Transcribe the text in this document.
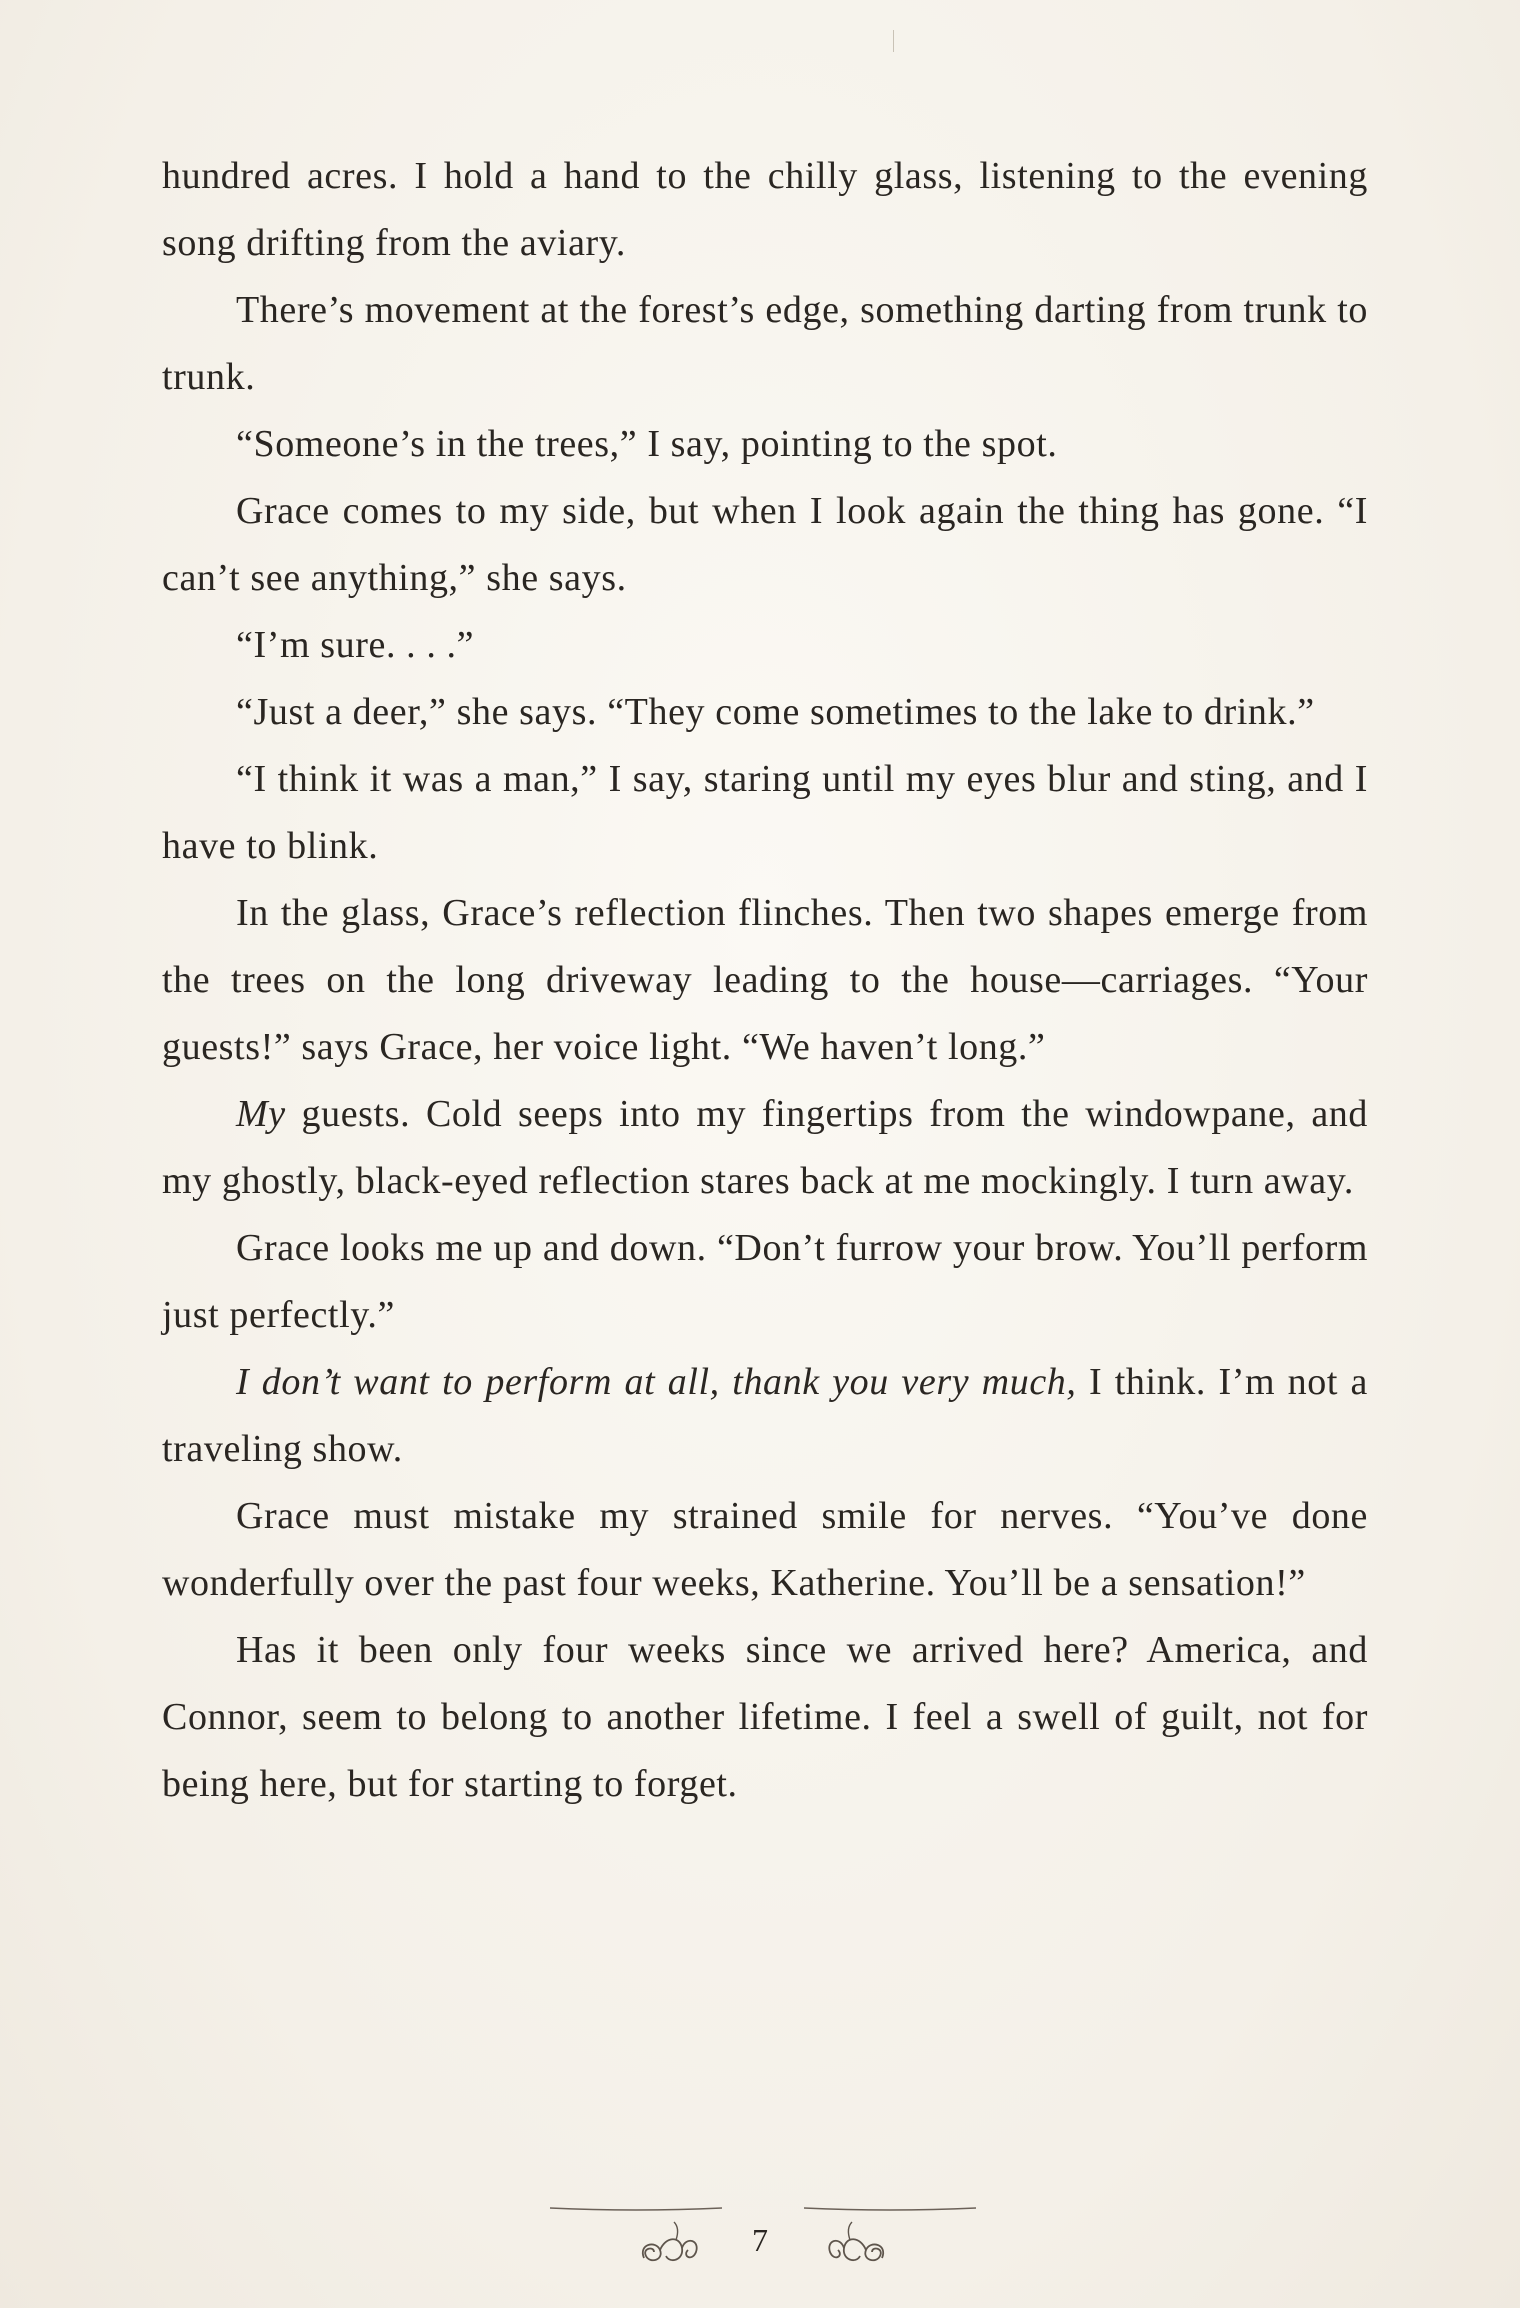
hundred acres. I hold a hand to the chilly glass, listening to the evening song drifting from the aviary.

There’s movement at the forest’s edge, something darting from trunk to trunk.

“Someone’s in the trees,” I say, pointing to the spot.

Grace comes to my side, but when I look again the thing has gone. “I can’t see anything,” she says.

“I’m sure. . . .”

“Just a deer,” she says. “They come sometimes to the lake to drink.”

“I think it was a man,” I say, staring until my eyes blur and sting, and I have to blink.

In the glass, Grace’s reflection flinches. Then two shapes emerge from the trees on the long driveway leading to the house—carriages. “Your guests!” says Grace, her voice light. “We haven’t long.”

My guests. Cold seeps into my fingertips from the windowpane, and my ghostly, black-eyed reflection stares back at me mockingly. I turn away.

Grace looks me up and down. “Don’t furrow your brow. You’ll perform just perfectly.”

I don’t want to perform at all, thank you very much, I think. I’m not a traveling show.

Grace must mistake my strained smile for nerves. “You’ve done wonderfully over the past four weeks, Katherine. You’ll be a sensation!”

Has it been only four weeks since we arrived here? America, and Connor, seem to belong to another lifetime. I feel a swell of guilt, not for being here, but for starting to forget.

7
